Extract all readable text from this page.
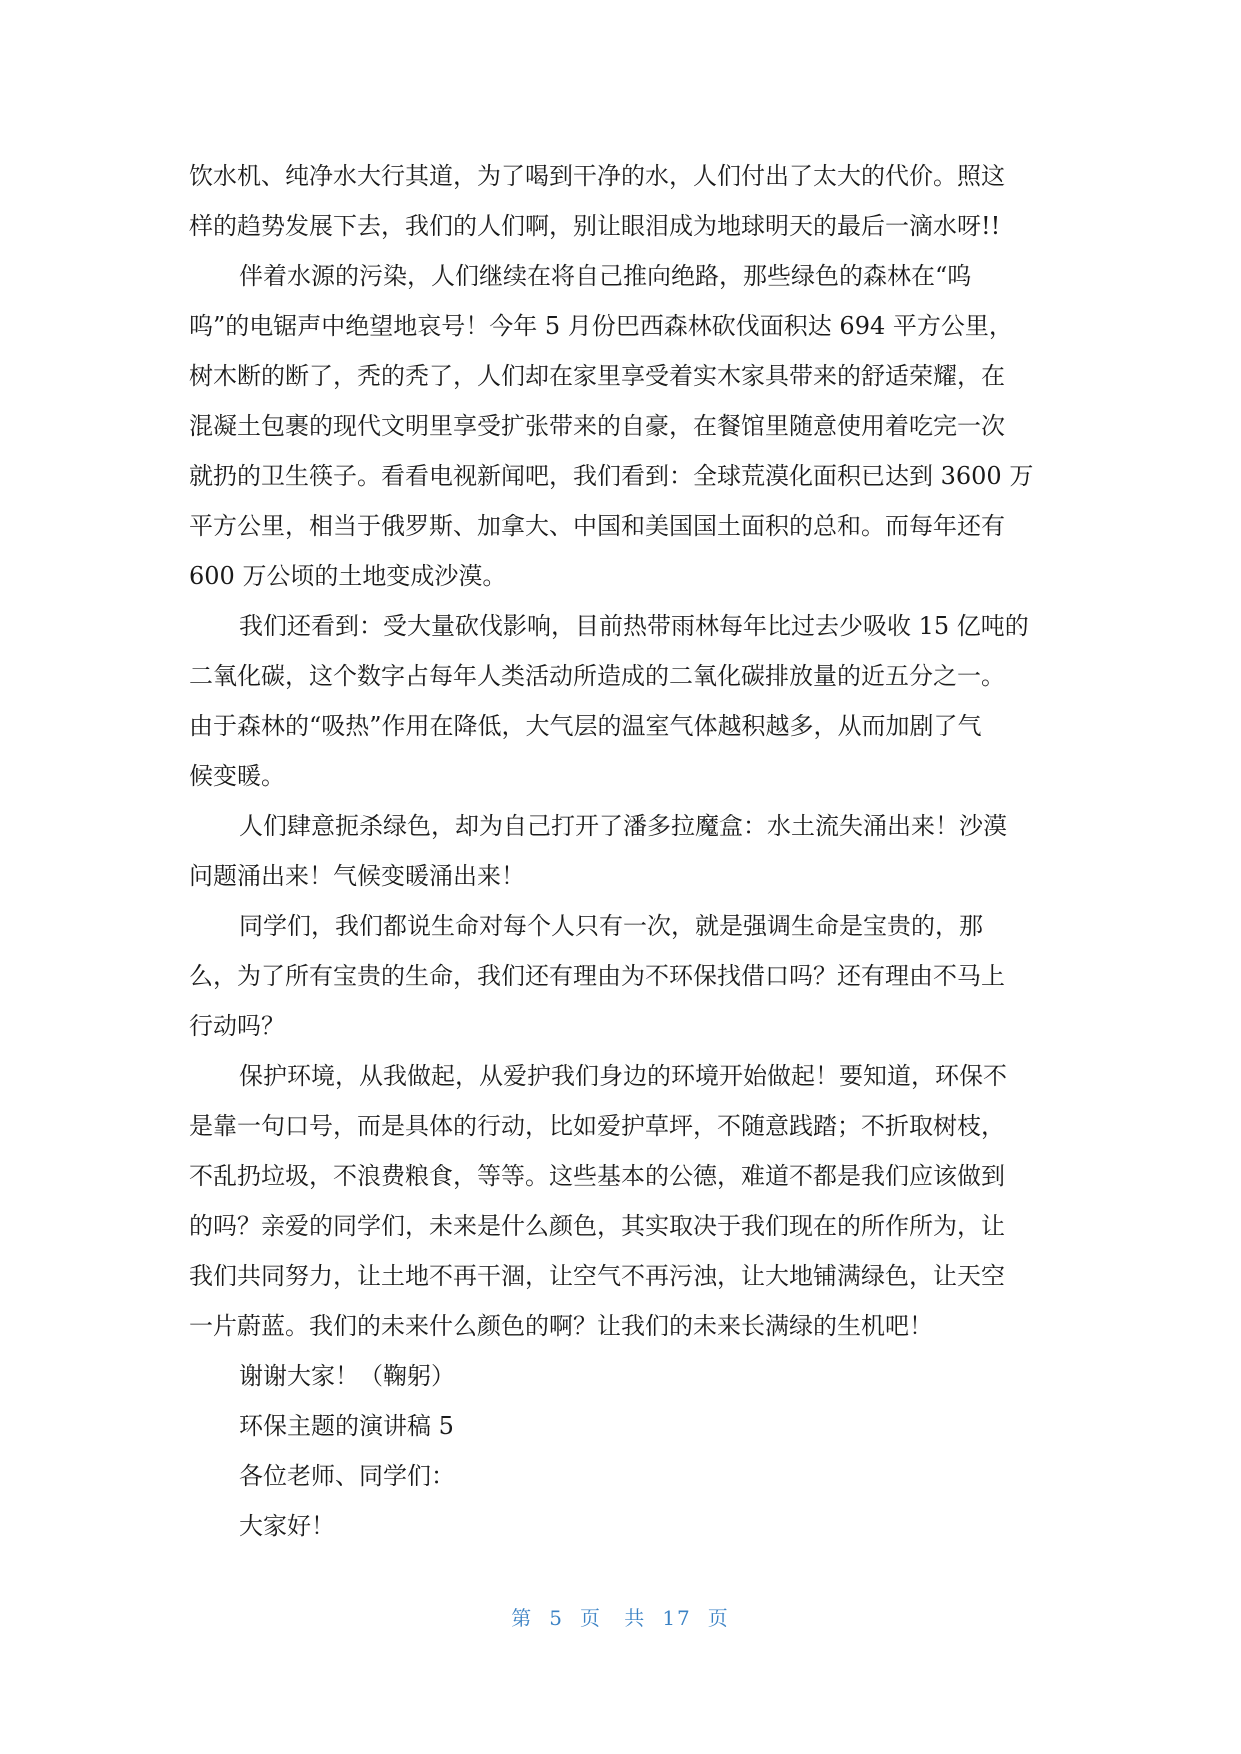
饮水机、纯净水大行其道，为了喝到干净的水，人们付出了太大的代价。照这
样的趋势发展下去，我们的人们啊，别让眼泪成为地球明天的最后一滴水呀!!
伴着水源的污染，人们继续在将自己推向绝路，那些绿色的森林在“呜
呜”的电锯声中绝望地哀号！今年 5 月份巴西森林砍伐面积达 694 平方公里，
树木断的断了，秃的秃了，人们却在家里享受着实木家具带来的舒适荣耀，在
混凝土包裹的现代文明里享受扩张带来的自豪，在餐馆里随意使用着吃完一次
就扔的卫生筷子。看看电视新闻吧，我们看到：全球荒漠化面积已达到 3600 万
平方公里，相当于俄罗斯、加拿大、中国和美国国土面积的总和。而每年还有
600 万公顷的土地变成沙漠。
我们还看到：受大量砍伐影响，目前热带雨林每年比过去少吸收 15 亿吨的
二氧化碳，这个数字占每年人类活动所造成的二氧化碳排放量的近五分之一。
由于森林的“吸热”作用在降低，大气层的温室气体越积越多，从而加剧了气
候变暖。
人们肆意扼杀绿色，却为自己打开了潘多拉魔盒：水土流失涌出来！沙漠
问题涌出来！气候变暖涌出来！
同学们，我们都说生命对每个人只有一次，就是强调生命是宝贵的，那
么，为了所有宝贵的生命，我们还有理由为不环保找借口吗？还有理由不马上
行动吗？
保护环境，从我做起，从爱护我们身边的环境开始做起！要知道，环保不
是靠一句口号，而是具体的行动，比如爱护草坪，不随意践踏；不折取树枝，
不乱扔垃圾，不浪费粮食，等等。这些基本的公德，难道不都是我们应该做到
的吗？亲爱的同学们，未来是什么颜色，其实取决于我们现在的所作所为，让
我们共同努力，让土地不再干涸，让空气不再污浊，让大地铺满绿色，让天空
一片蔚蓝。我们的未来什么颜色的啊？让我们的未来长满绿的生机吧！
谢谢大家！（鞠躬）
环保主题的演讲稿 5
各位老师、同学们：
大家好！
第 5 页 共 17 页
